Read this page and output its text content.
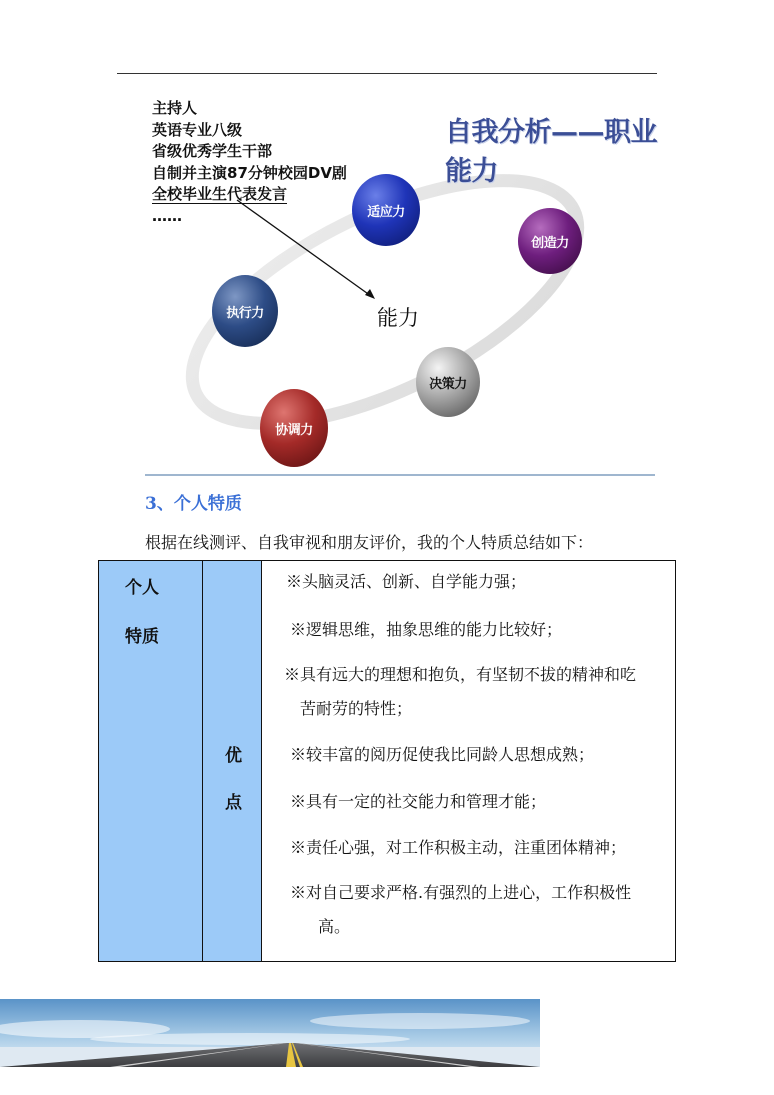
主持人
英语专业八级
省级优秀学生干部
自制并主演87分钟校园DV剧
全校毕业生代表发言
……
自我分析——职业能力
能力
适应力
创造力
执行力
决策力
协调力
3、个人特质
根据在线测评、自我审视和朋友评价，我的个人特质总结如下：
个人
特质
优
点
※头脑灵活、创新、自学能力强；
※逻辑思维，抽象思维的能力比较好；
※具有远大的理想和抱负，有坚韧不拔的精神和吃
苦耐劳的特性；
※较丰富的阅历促使我比同龄人思想成熟；
※具有一定的社交能力和管理才能；
※责任心强，对工作积极主动，注重团体精神；
※对自己要求严格.有强烈的上进心，工作积极性
高。
